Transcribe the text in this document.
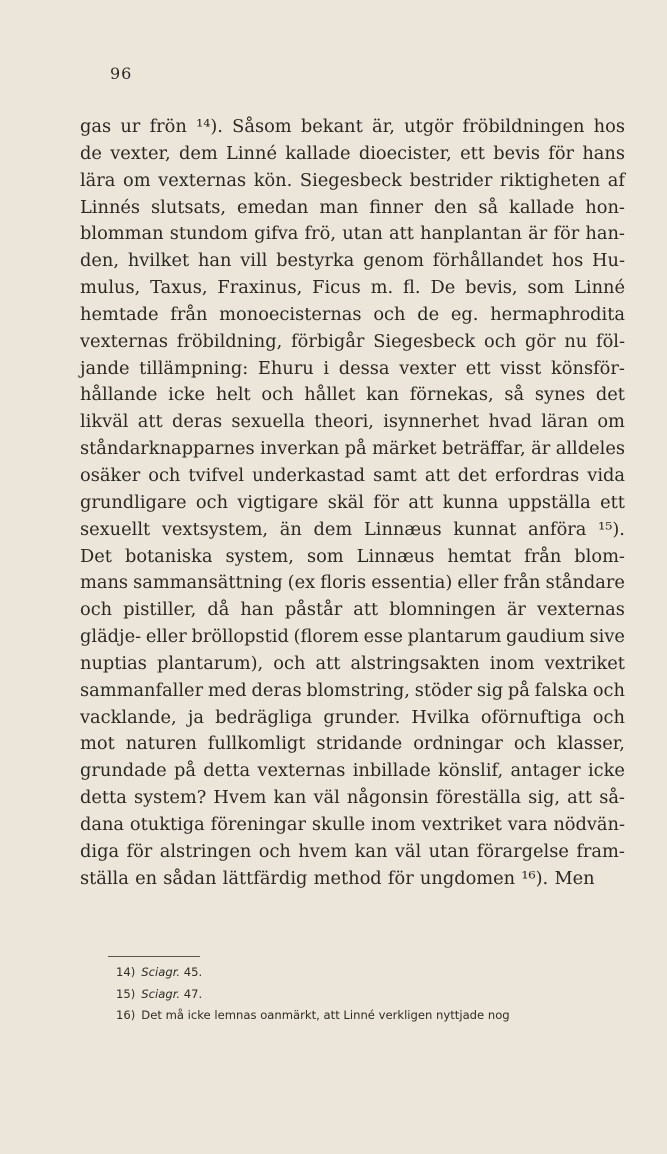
96
gas ur frön ¹⁴). Såsom bekant är, utgör fröbildningen hos
de vexter, dem Linné kallade dioecister, ett bevis för hans
lära om vexternas kön. Siegesbeck bestrider riktigheten af
Linnés slutsats, emedan man finner den så kallade hon-
blomman stundom gifva frö, utan att hanplantan är för han-
den, hvilket han vill bestyrka genom förhållandet hos Hu-
mulus, Taxus, Fraxinus, Ficus m. fl. De bevis, som Linné
hemtade från monoecisternas och de eg. hermaphrodita
vexternas fröbildning, förbigår Siegesbeck och gör nu föl-
jande tillämpning: Ehuru i dessa vexter ett visst könsför-
hållande icke helt och hållet kan förnekas, så synes det
likväl att deras sexuella theori, isynnerhet hvad läran om
ståndarknapparnes inverkan på märket beträffar, är alldeles
osäker och tvifvel underkastad samt att det erfordras vida
grundligare och vigtigare skäl för att kunna uppställa ett
sexuellt vextsystem, än dem Linnæus kunnat anföra ¹⁵).
Det botaniska system, som Linnæus hemtat från blom-
mans sammansättning (ex floris essentia) eller från ståndare
och pistiller, då han påstår att blomningen är vexternas
glädje- eller bröllopstid (florem esse plantarum gaudium sive
nuptias plantarum), och att alstringsakten inom vextriket
sammanfaller med deras blomstring, stöder sig på falska och
vacklande, ja bedrägliga grunder. Hvilka oförnuftiga och
mot naturen fullkomligt stridande ordningar och klasser,
grundade på detta vexternas inbillade könslif, antager icke
detta system? Hvem kan väl någonsin föreställa sig, att så-
dana otuktiga föreningar skulle inom vextriket vara nödvän-
diga för alstringen och hvem kan väl utan förargelse fram-
ställa en sådan lättfärdig method för ungdomen ¹⁶). Men
14) Sciagr. 45.
15) Sciagr. 47.
16) Det må icke lemnas oanmärkt, att Linné verkligen nyttjade nog
